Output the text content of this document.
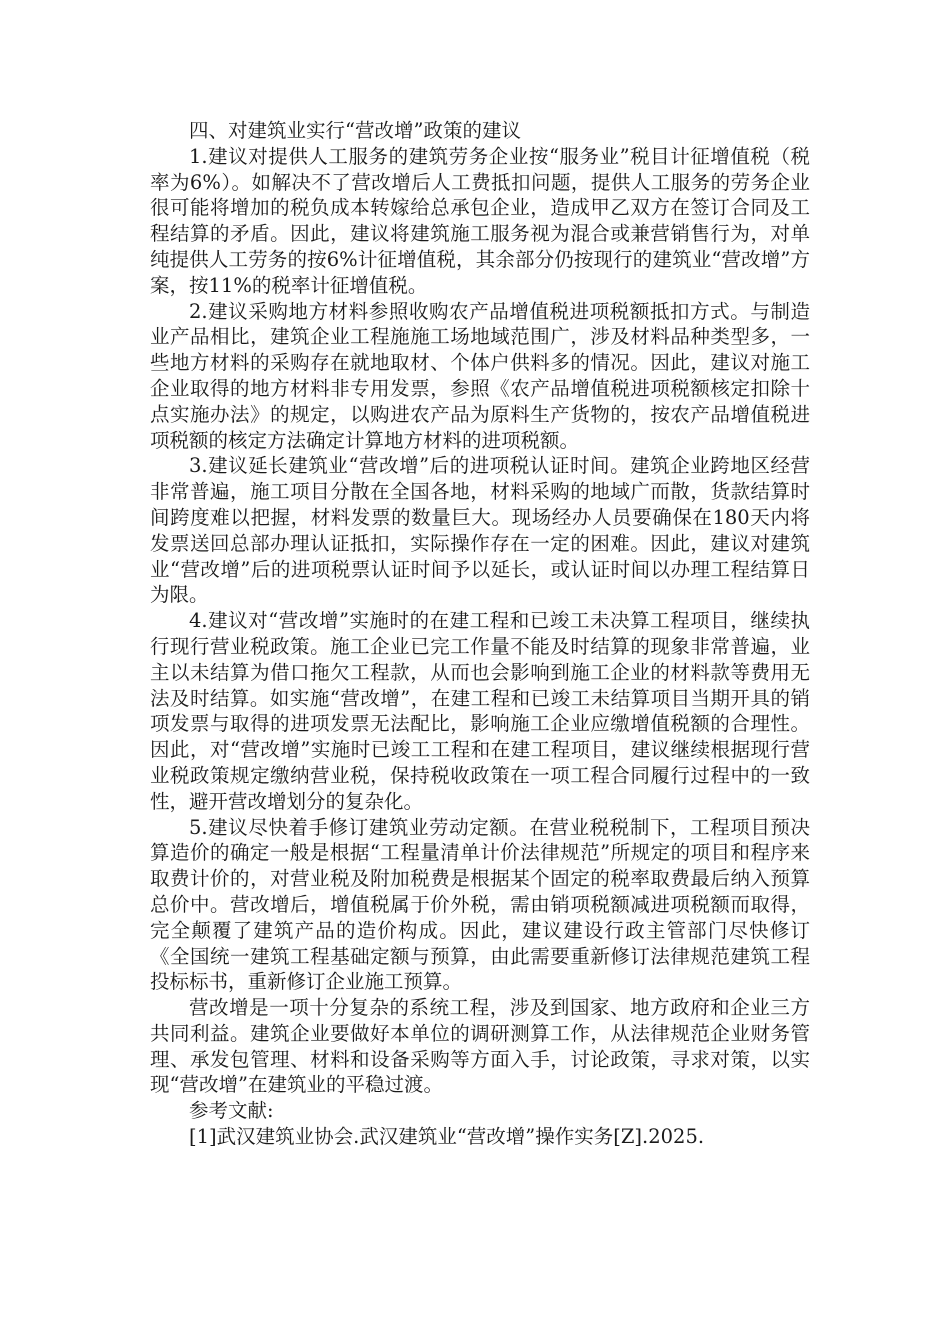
四、对建筑业实行“营改增”政策的建议

1.建议对提供人工服务的建筑劳务企业按“服务业”税目计征增值税（税率为6%）。如解决不了营改增后人工费抵扣问题，提供人工服务的劳务企业很可能将增加的税负成本转嫁给总承包企业，造成甲乙双方在签订合同及工程结算的矛盾。因此，建议将建筑施工服务视为混合或兼营销售行为，对单纯提供人工劳务的按6%计征增值税，其余部分仍按现行的建筑业“营改增”方案，按11%的税率计征增值税。

2.建议采购地方材料参照收购农产品增值税进项税额抵扣方式。与制造业产品相比，建筑企业工程施施工场地域范围广，涉及材料品种类型多，一些地方材料的采购存在就地取材、个体户供料多的情况。因此，建议对施工企业取得的地方材料非专用发票，参照《农产品增值税进项税额核定扣除十点实施办法》的规定，以购进农产品为原料生产货物的，按农产品增值税进项税额的核定方法确定计算地方材料的进项税额。

3.建议延长建筑业“营改增”后的进项税认证时间。建筑企业跨地区经营非常普遍，施工项目分散在全国各地，材料采购的地域广而散，货款结算时间跨度难以把握，材料发票的数量巨大。现场经办人员要确保在180天内将发票送回总部办理认证抵扣，实际操作存在一定的困难。因此，建议对建筑业“营改增”后的进项税票认证时间予以延长，或认证时间以办理工程结算日为限。

4.建议对“营改增”实施时的在建工程和已竣工未决算工程项目，继续执行现行营业税政策。施工企业已完工作量不能及时结算的现象非常普遍，业主以未结算为借口拖欠工程款，从而也会影响到施工企业的材料款等费用无法及时结算。如实施“营改增”，在建工程和已竣工未结算项目当期开具的销项发票与取得的进项发票无法配比，影响施工企业应缴增值税额的合理性。因此，对“营改增”实施时已竣工工程和在建工程项目，建议继续根据现行营业税政策规定缴纳营业税，保持税收政策在一项工程合同履行过程中的一致性，避开营改增划分的复杂化。

5.建议尽快着手修订建筑业劳动定额。在营业税税制下，工程项目预决算造价的确定一般是根据“工程量清单计价法律规范”所规定的项目和程序来取费计价的，对营业税及附加税费是根据某个固定的税率取费最后纳入预算总价中。营改增后，增值税属于价外税，需由销项税额减进项税额而取得，完全颠覆了建筑产品的造价构成。因此，建议建设行政主管部门尽快修订《全国统一建筑工程基础定额与预算，由此需要重新修订法律规范建筑工程投标标书，重新修订企业施工预算。

营改增是一项十分复杂的系统工程，涉及到国家、地方政府和企业三方共同利益。建筑企业要做好本单位的调研测算工作，从法律规范企业财务管理、承发包管理、材料和设备采购等方面入手，讨论政策，寻求对策，以实现“营改增”在建筑业的平稳过渡。

参考文献:

[1]武汉建筑业协会.武汉建筑业“营改增”操作实务[Z].2025.
